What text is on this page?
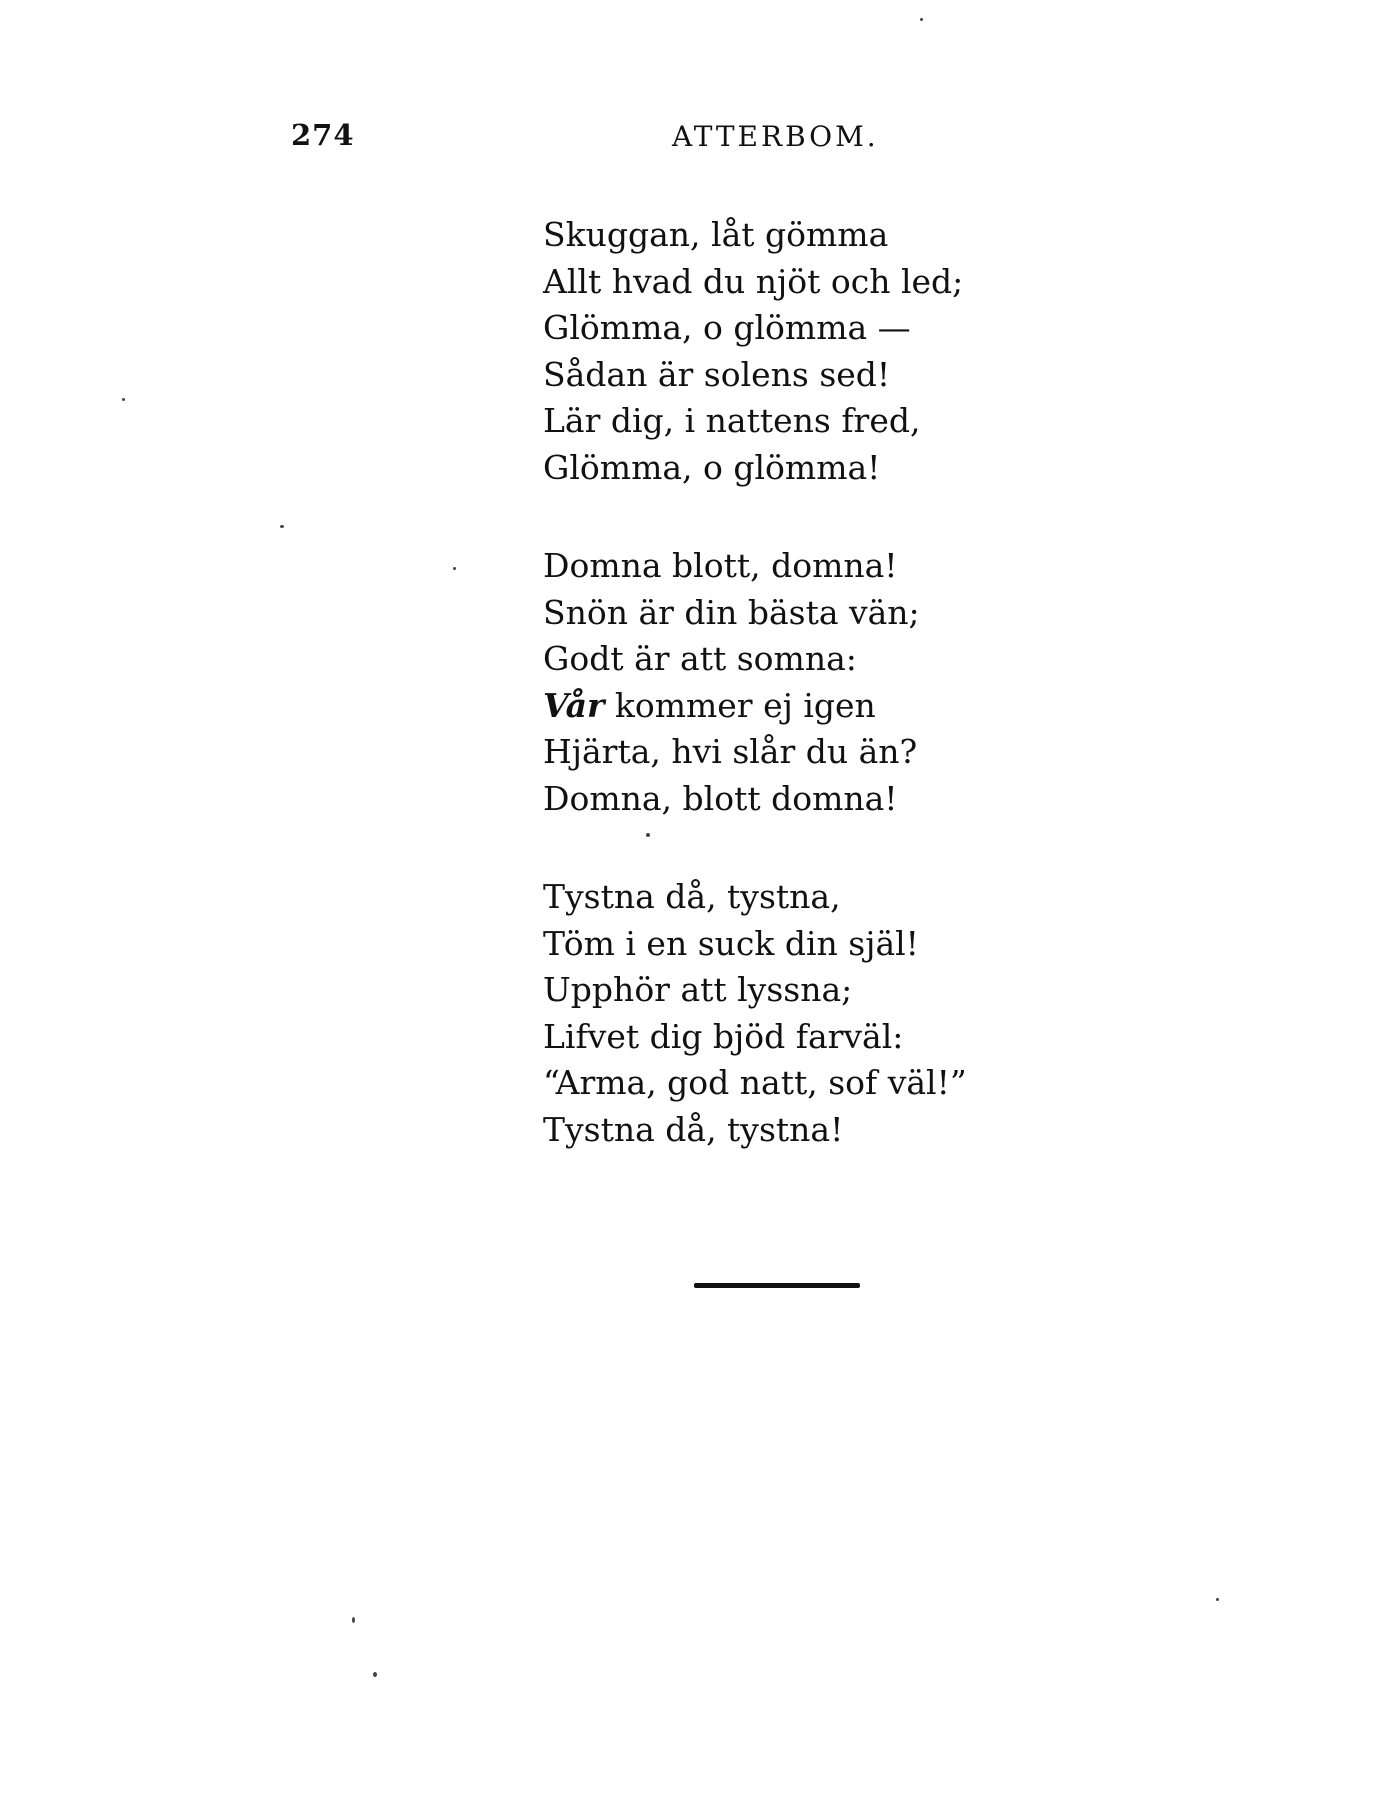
274	ATTERBOM.
Skuggan, låt gömma
Allt hvad du njöt och led;
Glömma, o glömma —
Sådan är solens sed!
Lär dig, i nattens fred,
Glömma, o glömma!
Domna blott, domna!
Snön är din bästa vän;
Godt är att somna:
Vår kommer ej igen
Hjärta, hvi slår du än?
Domna, blott domna!
Tystna då, tystna,
Töm i en suck din själ!
Upphör att lyssna;
Lifvet dig bjöd farväl:
“Arma, god natt, sof väl!”
Tystna då, tystna!
